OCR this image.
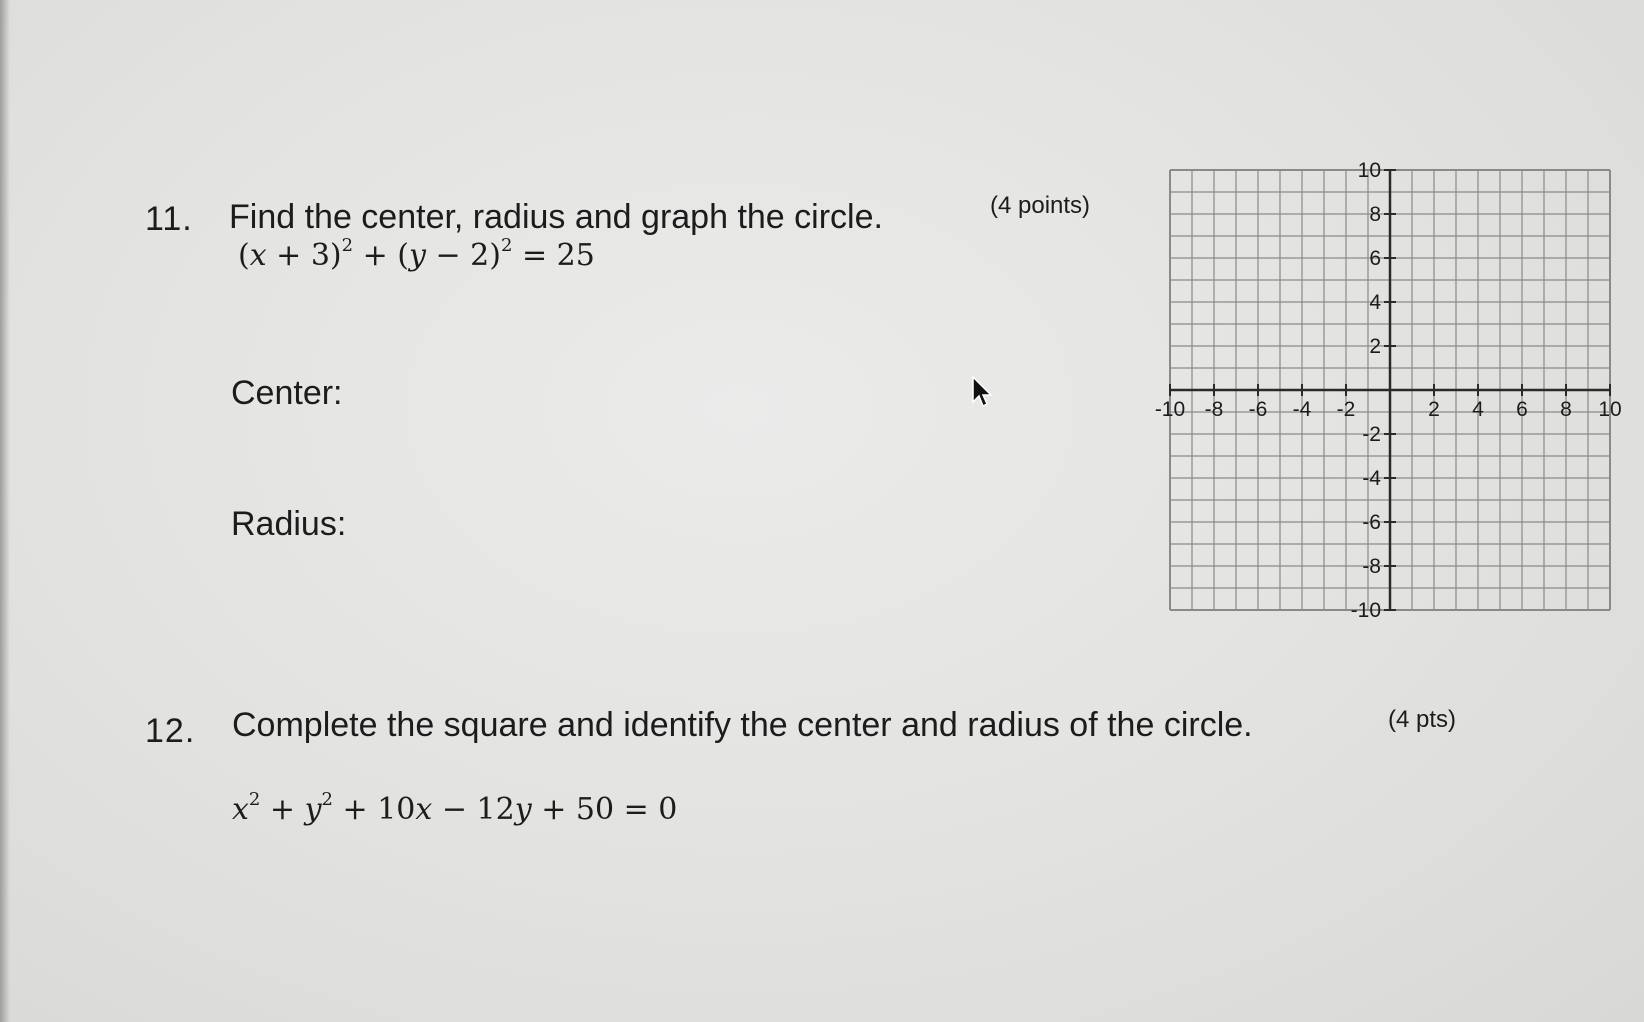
11. Find the center, radius and graph the circle.	(4 points)
$(x + 3)^2 + (y - 2)^2 = 25$
Center:
Radius:
-10 -8 -6 -4 -2	2 4 6 8 10
10
8
6
4
2
-2
-4
-6
-8
-10
12. Complete the square and identify the center and radius of the circle.	(4 pts)
$x^2 + y^2 + 10x - 12y + 50 = 0$
